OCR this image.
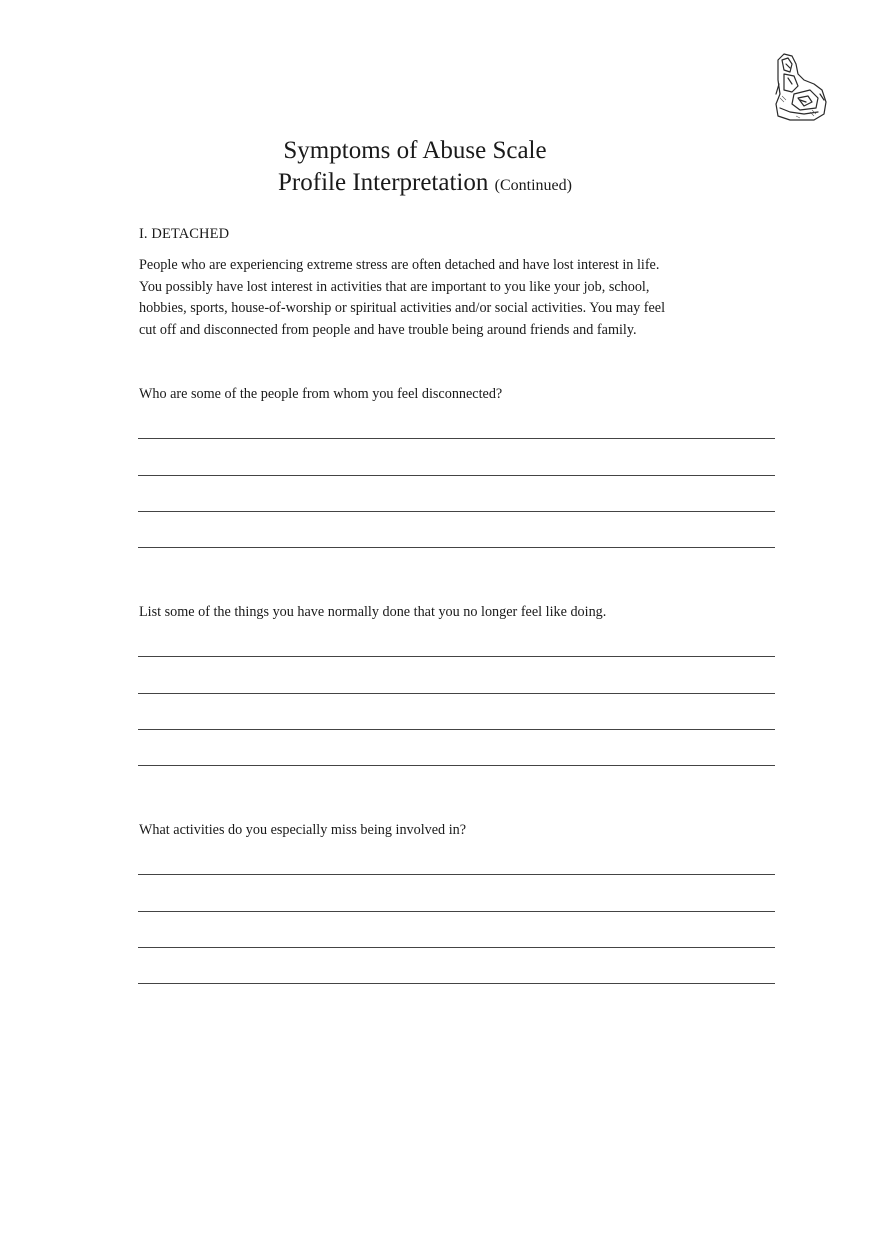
Symptoms of Abuse Scale
Profile Interpretation (Continued)
I. DETACHED

People who are experiencing extreme stress are often detached and have lost interest in life.
You possibly have lost interest in activities that are important to you like your job, school,
hobbies, sports, house-of-worship or spiritual activities and/or social activities. You may feel
cut off and disconnected from people and have trouble being around friends and family.

Who are some of the people from whom you feel disconnected?

List some of the things you have normally done that you no longer feel like doing.

What activities do you especially miss being involved in?
